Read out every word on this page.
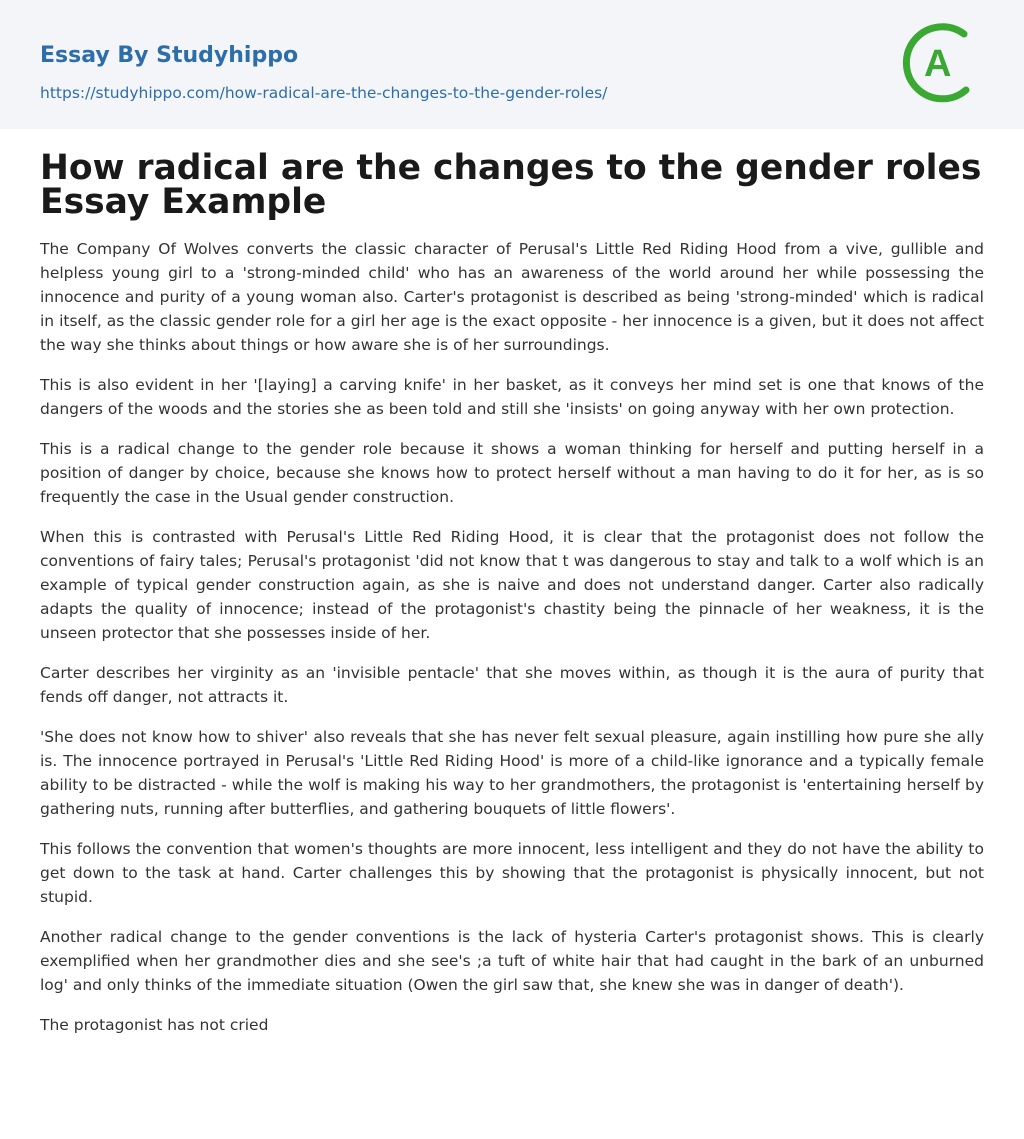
Essay By Studyhippo
https://studyhippo.com/how-radical-are-the-changes-to-the-gender-roles/
A
How radical are the changes to the gender roles Essay Example

The Company Of Wolves converts the classic character of Perusal's Little Red Riding Hood from a vive, gullible and helpless young girl to a 'strong-minded child' who has an awareness of the world around her while possessing the innocence and purity of a young woman also. Carter's protagonist is described as being 'strong-minded' which is radical in itself, as the classic gender role for a girl her age is the exact opposite - her innocence is a given, but it does not affect the way she thinks about things or how aware she is of her surroundings.

This is also evident in her '[laying] a carving knife' in her basket, as it conveys her mind set is one that knows of the dangers of the woods and the stories she as been told and still she 'insists' on going anyway with her own protection.

This is a radical change to the gender role because it shows a woman thinking for herself and putting herself in a position of danger by choice, because she knows how to protect herself without a man having to do it for her, as is so frequently the case in the Usual gender construction.

When this is contrasted with Perusal's Little Red Riding Hood, it is clear that the protagonist does not follow the conventions of fairy tales; Perusal's protagonist 'did not know that t was dangerous to stay and talk to a wolf which is an example of typical gender construction again, as she is naive and does not understand danger. Carter also radically adapts the quality of innocence; instead of the protagonist's chastity being the pinnacle of her weakness, it is the unseen protector that she possesses inside of her.

Carter describes her virginity as an 'invisible pentacle' that she moves within, as though it is the aura of purity that fends off danger, not attracts it.

'She does not know how to shiver' also reveals that she has never felt sexual pleasure, again instilling how pure she ally is. The innocence portrayed in Perusal's 'Little Red Riding Hood' is more of a child-like ignorance and a typically female ability to be distracted - while the wolf is making his way to her grandmothers, the protagonist is 'entertaining herself by gathering nuts, running after butterflies, and gathering bouquets of little flowers'.

This follows the convention that women's thoughts are more innocent, less intelligent and they do not have the ability to get down to the task at hand. Carter challenges this by showing that the protagonist is physically innocent, but not stupid.

Another radical change to the gender conventions is the lack of hysteria Carter's protagonist shows. This is clearly exemplified when her grandmother dies and she see's ;a tuft of white hair that had caught in the bark of an unburned log' and only thinks of the immediate situation (Owen the girl saw that, she knew she was in danger of death').

The protagonist has not cried
